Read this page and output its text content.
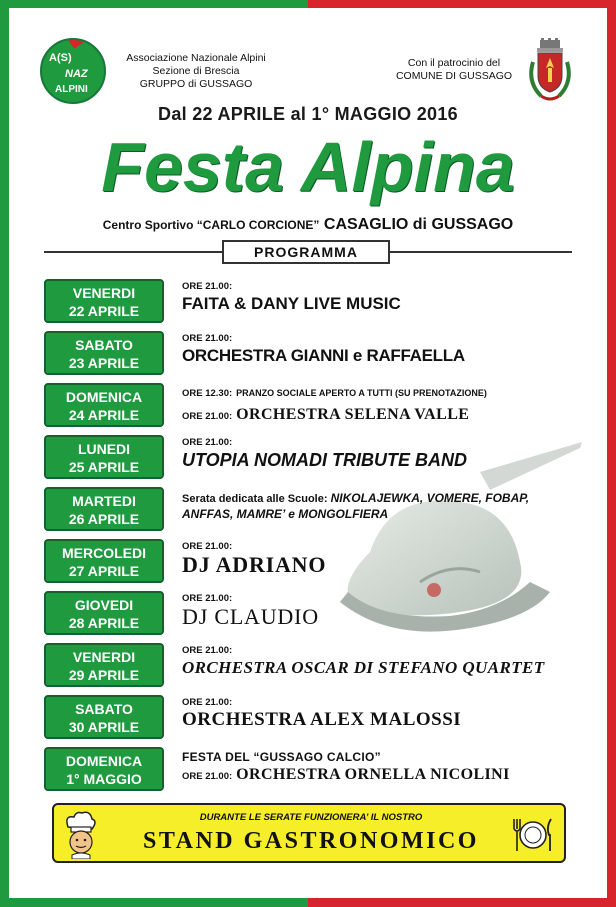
A(S)
NAZ
ALPINI
Associazione Nazionale Alpini
Sezione di Brescia
GRUPPO di GUSSAGO
Con il patrocinio del
COMUNE DI GUSSAGO
Dal 22 APRILE al 1° MAGGIO 2016
Festa Alpina
Centro Sportivo “CARLO CORCIONE” CASAGLIO di GUSSAGO
PROGRAMMA
VENERDI
22 APRILE
ORE 21.00:
FAITA & DANY LIVE MUSIC
SABATO
23 APRILE
ORE 21.00:
ORCHESTRA GIANNI e RAFFAELLA
DOMENICA
24 APRILE
ORE 12.30: PRANZO SOCIALE APERTO A TUTTI (SU PRENOTAZIONE)
ORE 21.00: ORCHESTRA SELENA VALLE
LUNEDI
25 APRILE
ORE 21.00:
UTOPIA NOMADI TRIBUTE BAND
MARTEDI
26 APRILE
Serata dedicata alle Scuole: NIKOLAJEWKA, VOMERE, FOBAP,
ANFFAS, MAMRE’ e MONGOLFIERA
MERCOLEDI
27 APRILE
ORE 21.00:
DJ ADRIANO
GIOVEDI
28 APRILE
ORE 21.00:
DJ CLAUDIO
VENERDI
29 APRILE
ORE 21.00:
ORCHESTRA OSCAR DI STEFANO QUARTET
SABATO
30 APRILE
ORE 21.00:
ORCHESTRA ALEX MALOSSI
DOMENICA
1° MAGGIO
FESTA DEL “GUSSAGO CALCIO”
ORE 21.00: ORCHESTRA ORNELLA NICOLINI
DURANTE LE SERATE FUNZIONERA’ IL NOSTRO
STAND GASTRONOMICO
